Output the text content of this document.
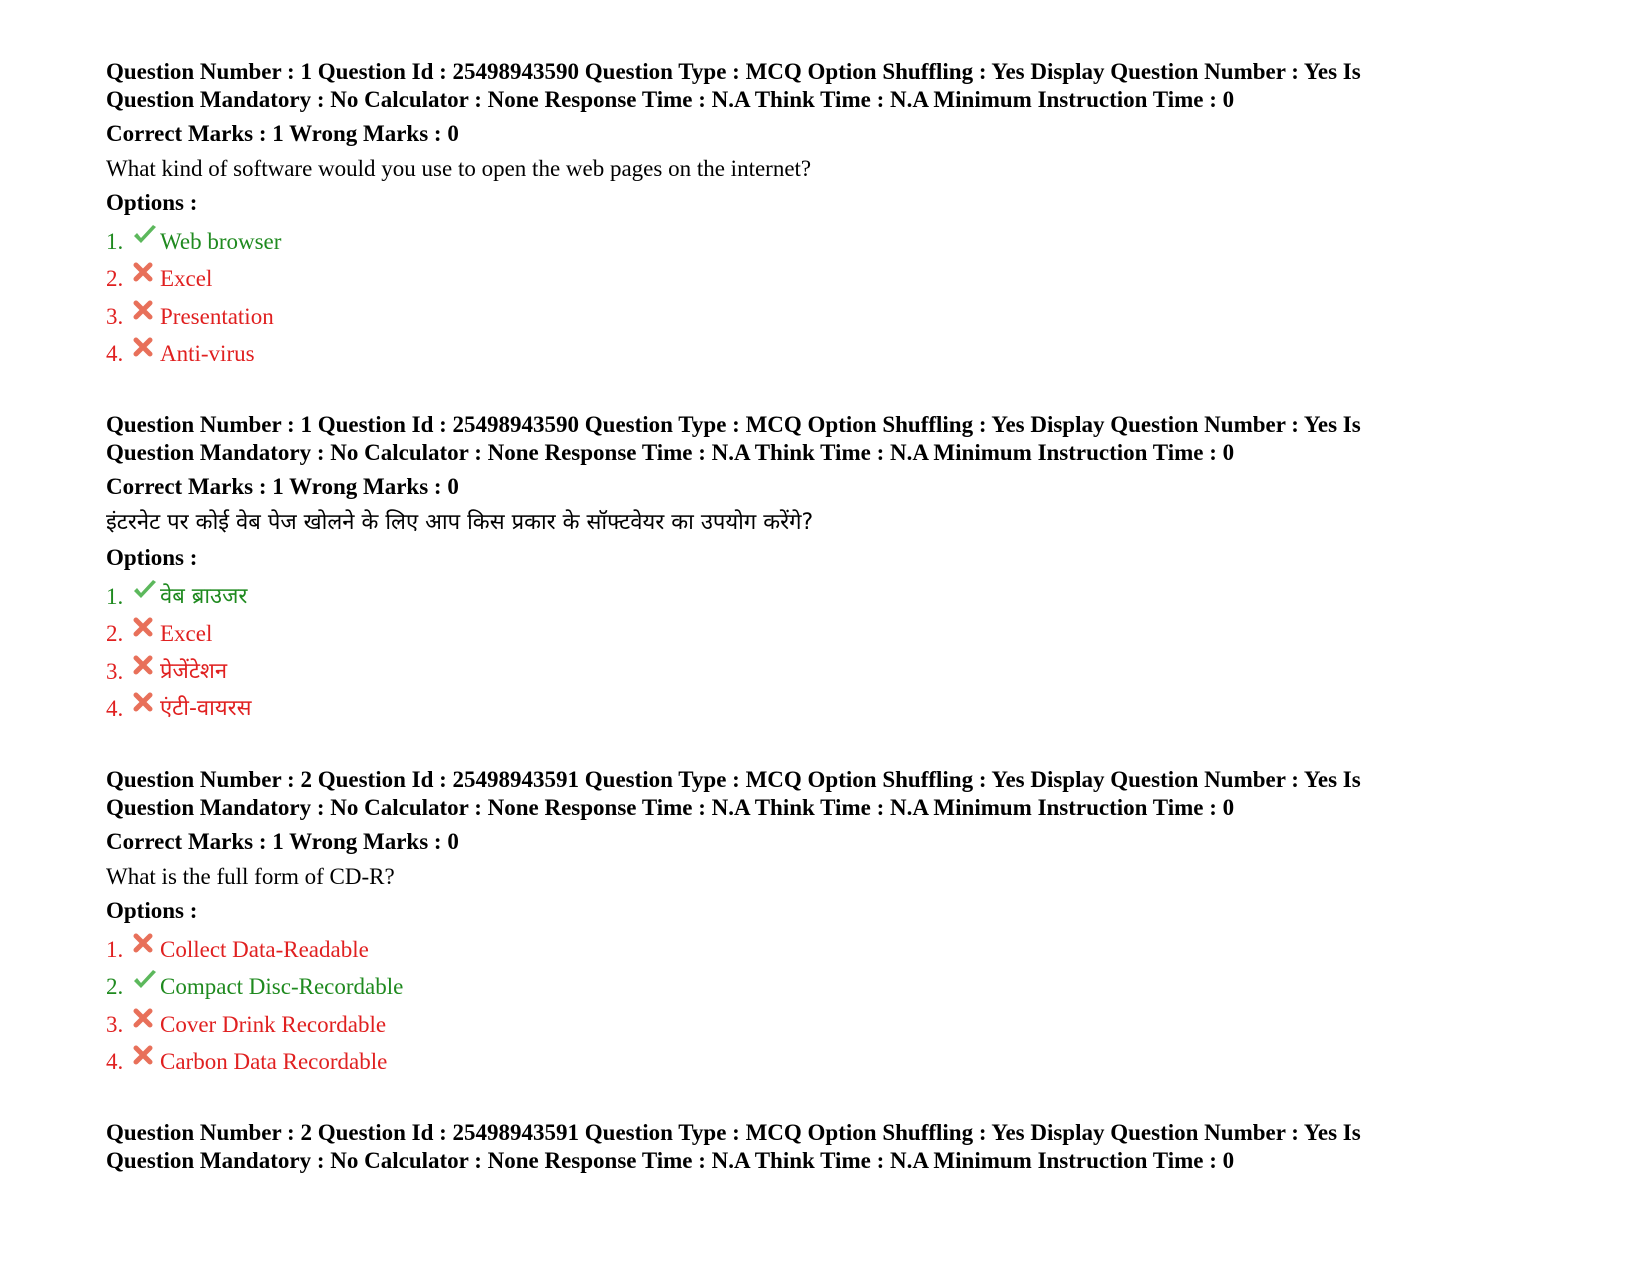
Question Number : 1 Question Id : 25498943590 Question Type : MCQ Option Shuffling : Yes Display Question Number : Yes Is
Question Mandatory : No Calculator : None Response Time : N.A Think Time : N.A Minimum Instruction Time : 0
Correct Marks : 1 Wrong Marks : 0
What kind of software would you use to open the web pages on the internet?
Options :
1.	Web browser
2.	Excel
3.	Presentation
4.	Anti-virus
Question Number : 1 Question Id : 25498943590 Question Type : MCQ Option Shuffling : Yes Display Question Number : Yes Is
Question Mandatory : No Calculator : None Response Time : N.A Think Time : N.A Minimum Instruction Time : 0
Correct Marks : 1 Wrong Marks : 0
इंटरनेट पर कोई वेब पेज खोलने के लिए आप किस प्रकार के सॉफ्टवेयर का उपयोग करेंगे?
Options :
1.	वेब ब्राउजर
2.	Excel
3.	प्रेजेंटेशन
4.	एंटी-वायरस
Question Number : 2 Question Id : 25498943591 Question Type : MCQ Option Shuffling : Yes Display Question Number : Yes Is
Question Mandatory : No Calculator : None Response Time : N.A Think Time : N.A Minimum Instruction Time : 0
Correct Marks : 1 Wrong Marks : 0
What is the full form of CD-R?
Options :
1.	Collect Data-Readable
2.	Compact Disc-Recordable
3.	Cover Drink Recordable
4.	Carbon Data Recordable
Question Number : 2 Question Id : 25498943591 Question Type : MCQ Option Shuffling : Yes Display Question Number : Yes Is
Question Mandatory : No Calculator : None Response Time : N.A Think Time : N.A Minimum Instruction Time : 0
